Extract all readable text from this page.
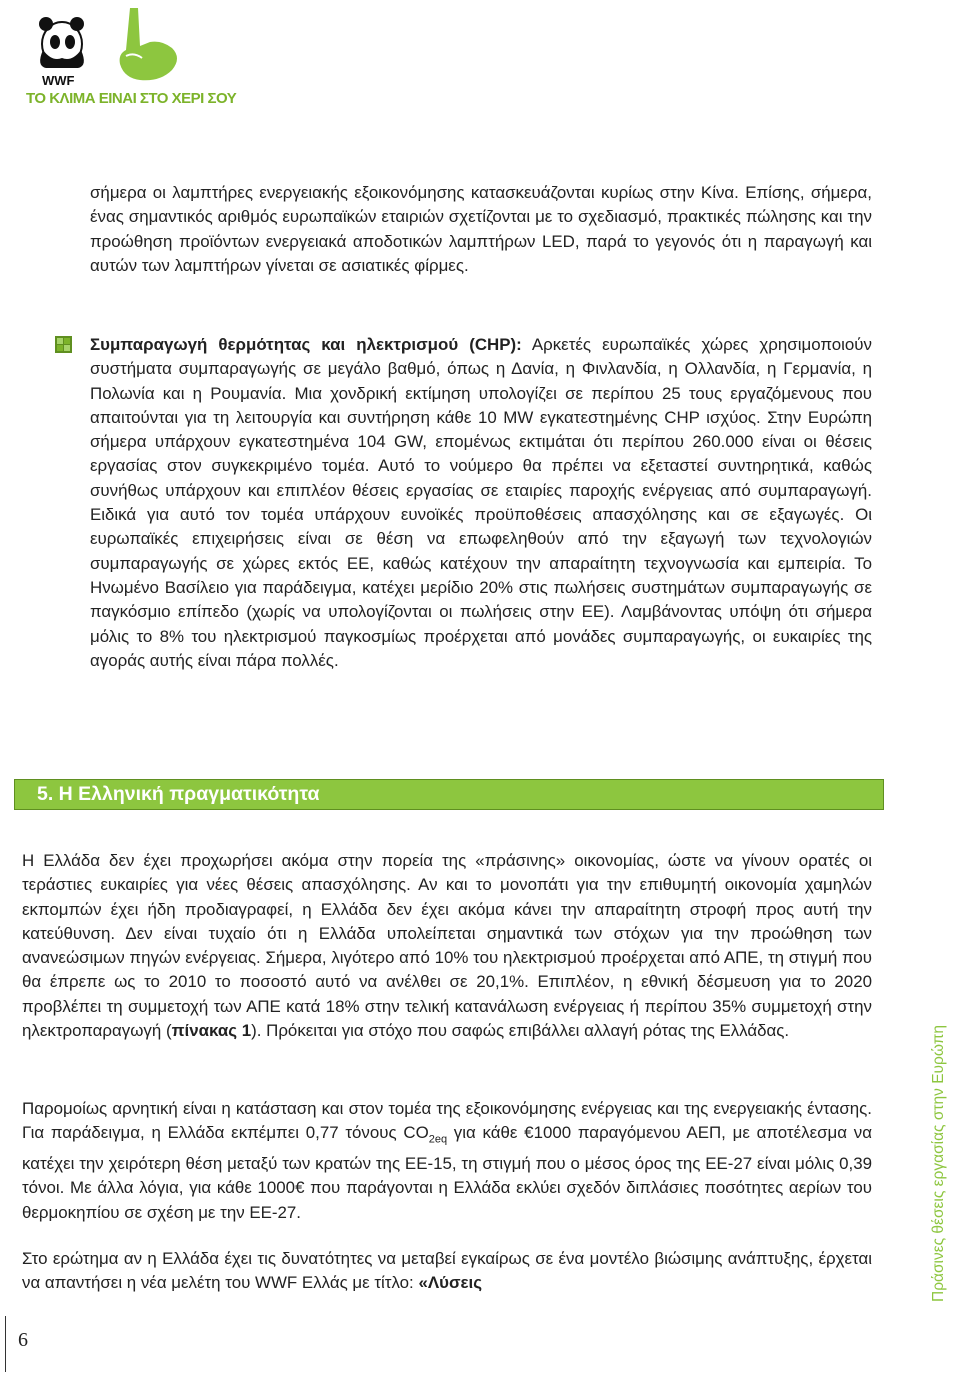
WWF
ΤΟ ΚΛΙΜΑ ΕΙΝΑΙ ΣΤΟ ΧΕΡΙ ΣΟΥ

σήμερα οι λαμπτήρες ενεργειακής εξοικονόμησης κατασκευάζονται κυρίως στην Κίνα. Επίσης, σήμερα, ένας σημαντικός αριθμός ευρωπαϊκών εταιριών σχετίζονται με το σχεδιασμό, πρακτικές πώλησης και την προώθηση προϊόντων ενεργειακά αποδοτικών λαμπτήρων LED, παρά το γεγονός ότι η παραγωγή και αυτών των λαμπτήρων γίνεται σε ασιατικές φίρμες.

Συμπαραγωγή θερμότητας και ηλεκτρισμού (CHP): Αρκετές ευρωπαϊκές χώρες χρησιμοποιούν συστήματα συμπαραγωγής σε μεγάλο βαθμό, όπως η Δανία, η Φινλανδία, η Ολλανδία, η Γερμανία, η Πολωνία και η Ρουμανία. Μια χονδρική εκτίμηση υπολογίζει σε περίπου 25 τους εργαζόμενους που απαιτούνται για τη λειτουργία και συντήρηση κάθε 10 MW εγκατεστημένης CHP ισχύος. Στην Ευρώπη σήμερα υπάρχουν εγκατεστημένα 104 GW, επομένως εκτιμάται ότι περίπου 260.000 είναι οι θέσεις εργασίας στον συγκεκριμένο τομέα. Αυτό το νούμερο θα πρέπει να εξεταστεί συντηρητικά, καθώς συνήθως υπάρχουν και επιπλέον θέσεις εργασίας σε εταιρίες παροχής ενέργειας από συμπαραγωγή. Ειδικά για αυτό τον τομέα υπάρχουν ευνοϊκές προϋποθέσεις απασχόλησης και σε εξαγωγές. Οι ευρωπαϊκές επιχειρήσεις είναι σε θέση να επωφεληθούν από την εξαγωγή των τεχνολογιών συμπαραγωγής σε χώρες εκτός ΕΕ, καθώς κατέχουν την απαραίτητη τεχνογνωσία και εμπειρία. Το Ηνωμένο Βασίλειο για παράδειγμα, κατέχει μερίδιο 20% στις πωλήσεις συστημάτων συμπαραγωγής σε παγκόσμιο επίπεδο (χωρίς να υπολογίζονται οι πωλήσεις στην ΕΕ). Λαμβάνοντας υπόψη ότι σήμερα μόλις το 8% του ηλεκτρισμού παγκοσμίως προέρχεται από μονάδες συμπαραγωγής, οι ευκαιρίες της αγοράς αυτής είναι πάρα πολλές.

5. Η Ελληνική πραγματικότητα

Η Ελλάδα δεν έχει προχωρήσει ακόμα στην πορεία της «πράσινης» οικονομίας, ώστε να γίνουν ορατές οι τεράστιες ευκαιρίες για νέες θέσεις απασχόλησης. Αν και το μονοπάτι για την επιθυμητή οικονομία χαμηλών εκπομπών έχει ήδη προδιαγραφεί, η Ελλάδα δεν έχει ακόμα κάνει την απαραίτητη στροφή προς αυτή την κατεύθυνση. Δεν είναι τυχαίο ότι η Ελλάδα υπολείπεται σημαντικά των στόχων για την προώθηση των ανανεώσιμων πηγών ενέργειας. Σήμερα, λιγότερο από 10% του ηλεκτρισμού προέρχεται από ΑΠΕ, τη στιγμή που θα έπρεπε ως το 2010 το ποσοστό αυτό να ανέλθει σε 20,1%. Επιπλέον, η εθνική δέσμευση για το 2020 προβλέπει τη συμμετοχή των ΑΠΕ κατά 18% στην τελική κατανάλωση ενέργειας ή περίπου 35% συμμετοχή στην ηλεκτροπαραγωγή (πίνακας 1). Πρόκειται για στόχο που σαφώς επιβάλλει αλλαγή ρότας της Ελλάδας.

Παρομοίως αρνητική είναι η κατάσταση και στον τομέα της εξοικονόμησης ενέργειας και της ενεργειακής έντασης. Για παράδειγμα, η Ελλάδα εκπέμπει 0,77 τόνους $CO_{2eq}$ για κάθε €1000 παραγόμενου ΑΕΠ, με αποτέλεσμα να κατέχει την χειρότερη θέση μεταξύ των κρατών της ΕΕ-15, τη στιγμή που ο μέσος όρος της ΕΕ-27 είναι μόλις 0,39 τόνοι. Με άλλα λόγια, για κάθε 1000€ που παράγονται η Ελλάδα εκλύει σχεδόν διπλάσιες ποσότητες αερίων του θερμοκηπίου σε σχέση με την ΕΕ-27.

Στο ερώτημα αν η Ελλάδα έχει τις δυνατότητες να μεταβεί εγκαίρως σε ένα μοντέλο βιώσιμης ανάπτυξης, έρχεται να απαντήσει η νέα μελέτη του WWF Ελλάς με τίτλο: «Λύσεις	Πράσινες θέσεις εργασίας στην Ευρώπη
6
